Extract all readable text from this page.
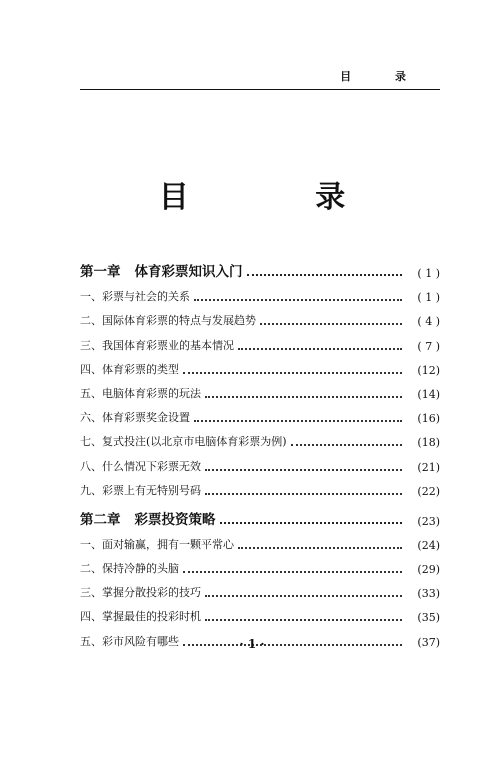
目 录
目 录
第一章 体育彩票知识入门	( 1 )
一、彩票与社会的关系	( 1 )
二、国际体育彩票的特点与发展趋势	( 4 )
三、我国体育彩票业的基本情况	( 7 )
四、体育彩票的类型	(12)
五、电脑体育彩票的玩法	(14)
六、体育彩票奖金设置	(16)
七、复式投注(以北京市电脑体育彩票为例)	(18)
八、什么情况下彩票无效	(21)
九、彩票上有无特别号码	(22)
第二章 彩票投资策略	(23)
一、面对输赢，拥有一颗平常心	(24)
二、保持冷静的头脑	(29)
三、掌握分散投彩的技巧	(33)
四、掌握最佳的投彩时机	(35)
五、彩市风险有哪些	(37)
· 1 ·
